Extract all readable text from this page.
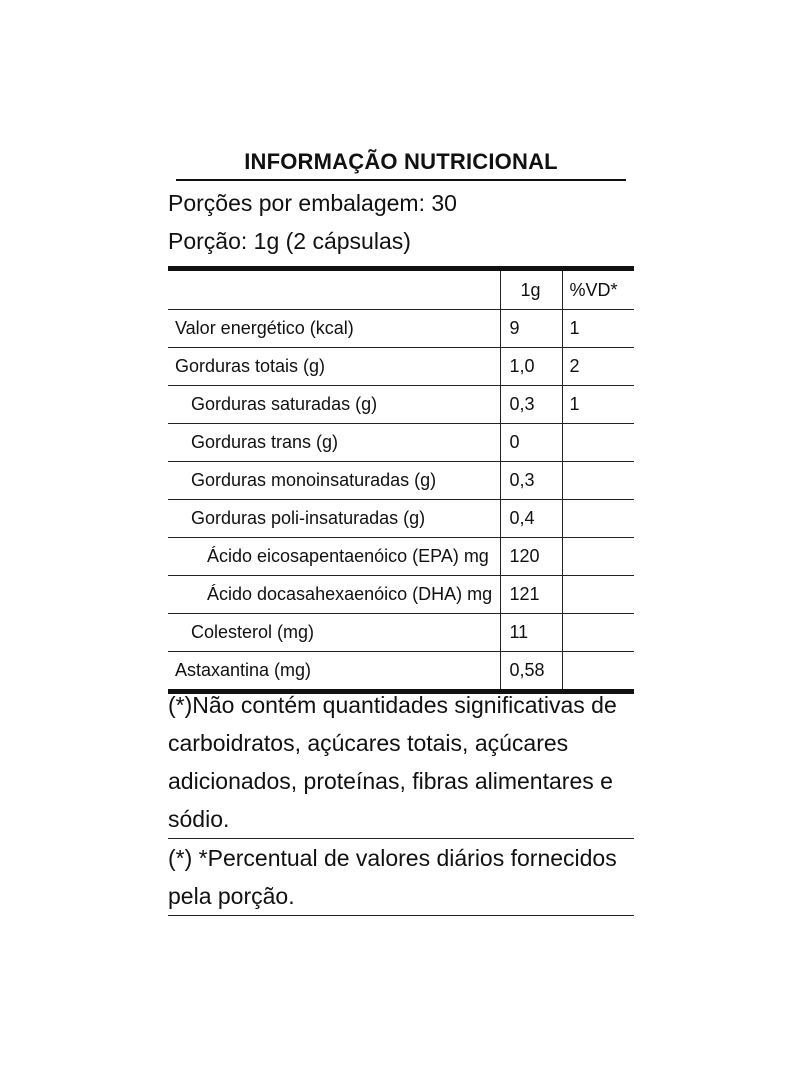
INFORMAÇÃO NUTRICIONAL
Porções por embalagem: 30
Porção: 1g (2 cápsulas)
	1g	%VD*
Valor energético (kcal)	9	1
Gorduras totais (g)	1,0	2
Gorduras saturadas (g)	0,3	1
Gorduras trans (g)	0	
Gorduras monoinsaturadas (g)	0,3	
Gorduras poli-insaturadas (g)	0,4	
Ácido eicosapentaenóico (EPA) mg	120	
Ácido docasahexaenóico (DHA) mg	121	
Colesterol (mg)	11	
Astaxantina (mg)	0,58	
(*)Não contém quantidades significativas de carboidratos, açúcares totais, açúcares adicionados, proteínas, fibras alimentares e sódio.
(*) *Percentual de valores diários fornecidos pela porção.
